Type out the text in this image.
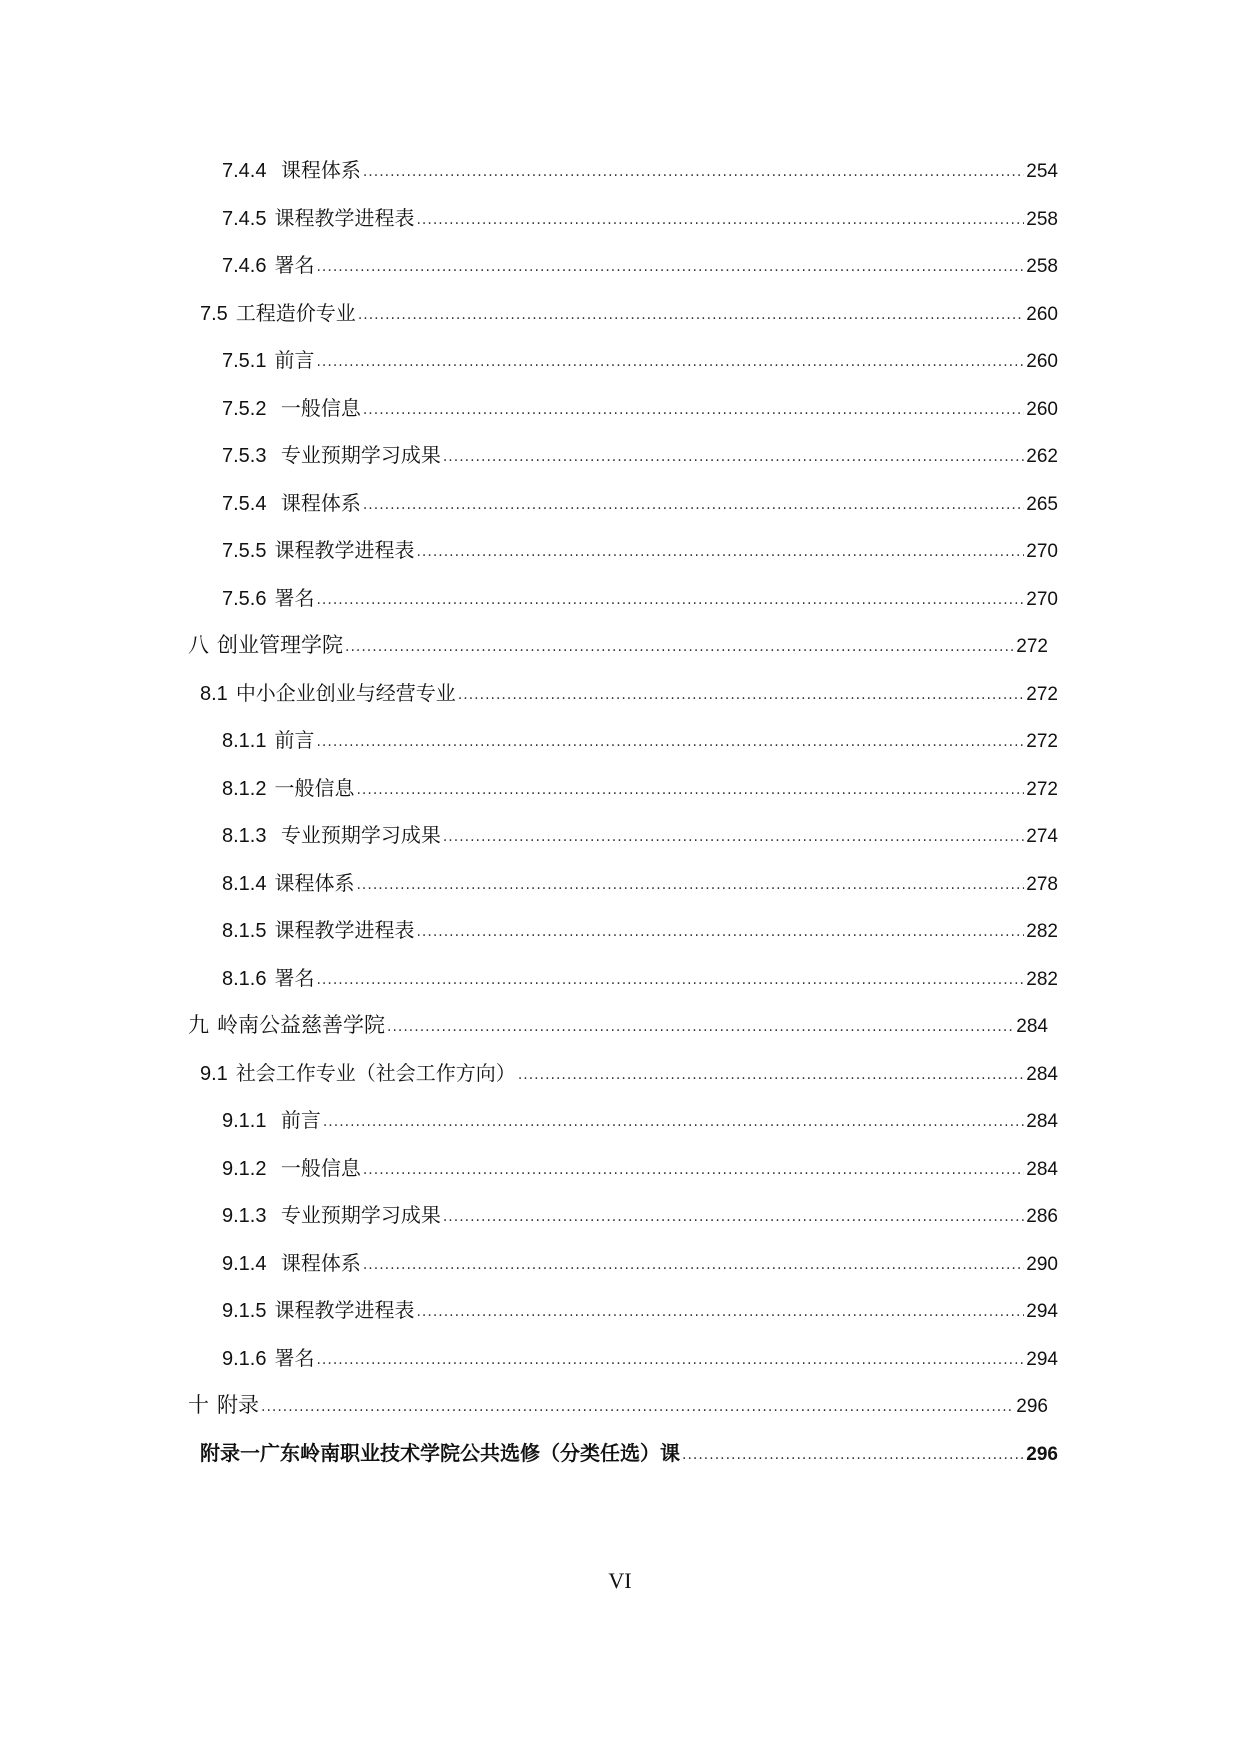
7.4.4 课程体系 .....	254
7.4.5 课程教学进程表 .....	258
7.4.6 署名 .....	258
7.5 工程造价专业 .....	260
7.5.1 前言 .....	260
7.5.2 一般信息 .....	260
7.5.3 专业预期学习成果 .....	262
7.5.4 课程体系 .....	265
7.5.5 课程教学进程表 .....	270
7.5.6 署名 .....	270
八 创业管理学院 .....	272
8.1 中小企业创业与经营专业 .....	272
8.1.1 前言 .....	272
8.1.2 一般信息 .....	272
8.1.3 专业预期学习成果 .....	274
8.1.4 课程体系 .....	278
8.1.5 课程教学进程表 .....	282
8.1.6 署名 .....	282
九 岭南公益慈善学院 .....	284
9.1 社会工作专业（社会工作方向） .....	284
9.1.1 前言 .....	284
9.1.2 一般信息 .....	284
9.1.3 专业预期学习成果 .....	286
9.1.4 课程体系 .....	290
9.1.5 课程教学进程表 .....	294
9.1.6 署名 .....	294
十 附录 .....	296
附录一广东岭南职业技术学院公共选修（分类任选）课 .....	296
VI
